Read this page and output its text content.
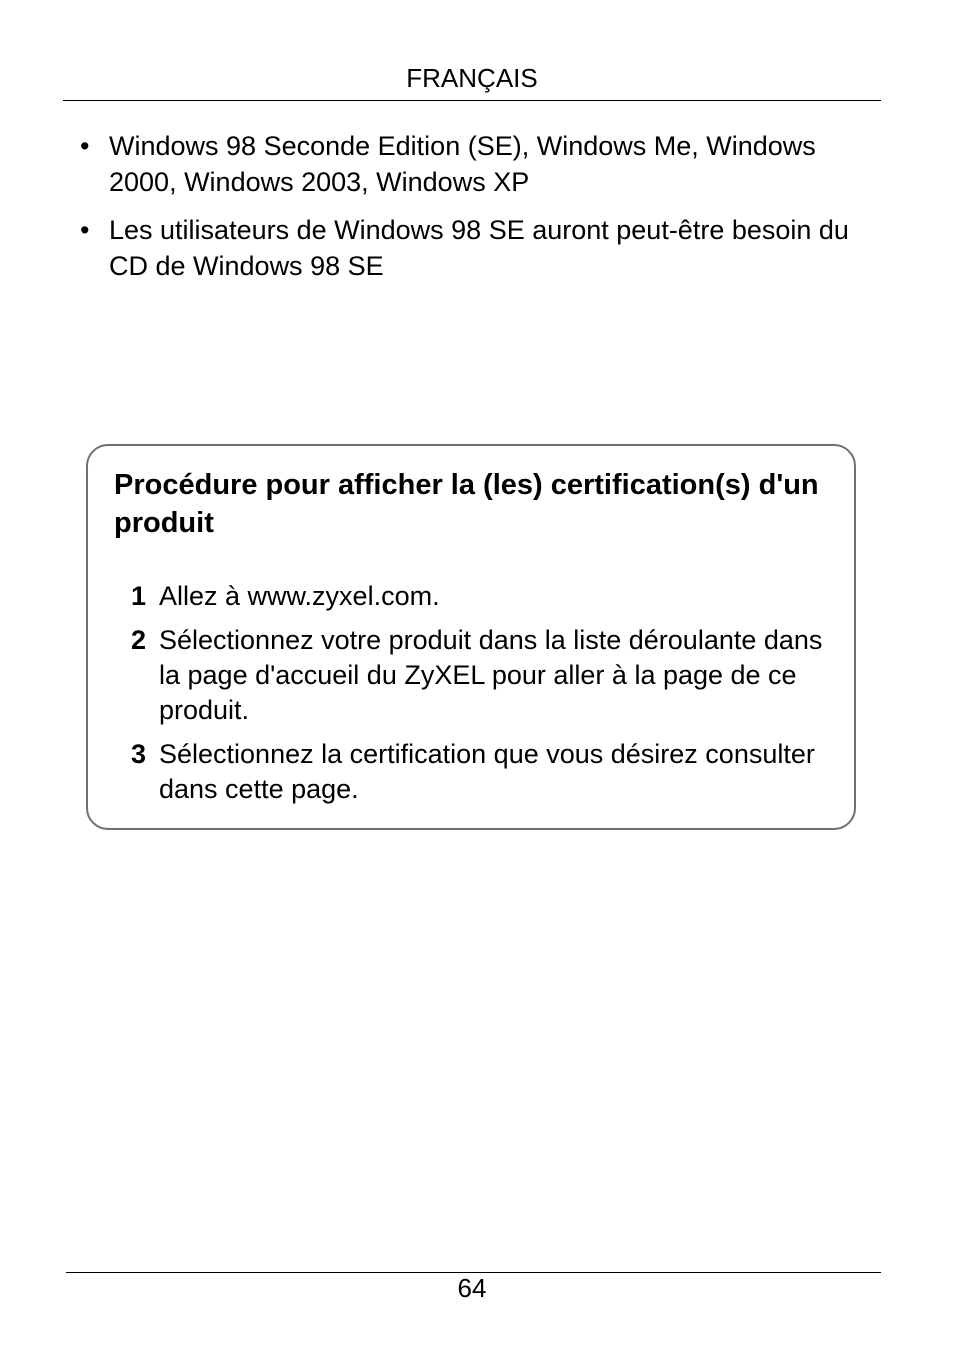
FRANÇAIS
• Windows 98 Seconde Edition (SE), Windows Me, Windows 2000, Windows 2003, Windows XP
• Les utilisateurs de Windows 98 SE auront peut-être besoin du CD de Windows 98 SE
Procédure pour afficher la (les) certification(s) d'un produit
1 Allez à www.zyxel.com.
2 Sélectionnez votre produit dans la liste déroulante dans la page d'accueil du ZyXEL pour aller à la page de ce produit.
3 Sélectionnez la certification que vous désirez consulter dans cette page.
64
